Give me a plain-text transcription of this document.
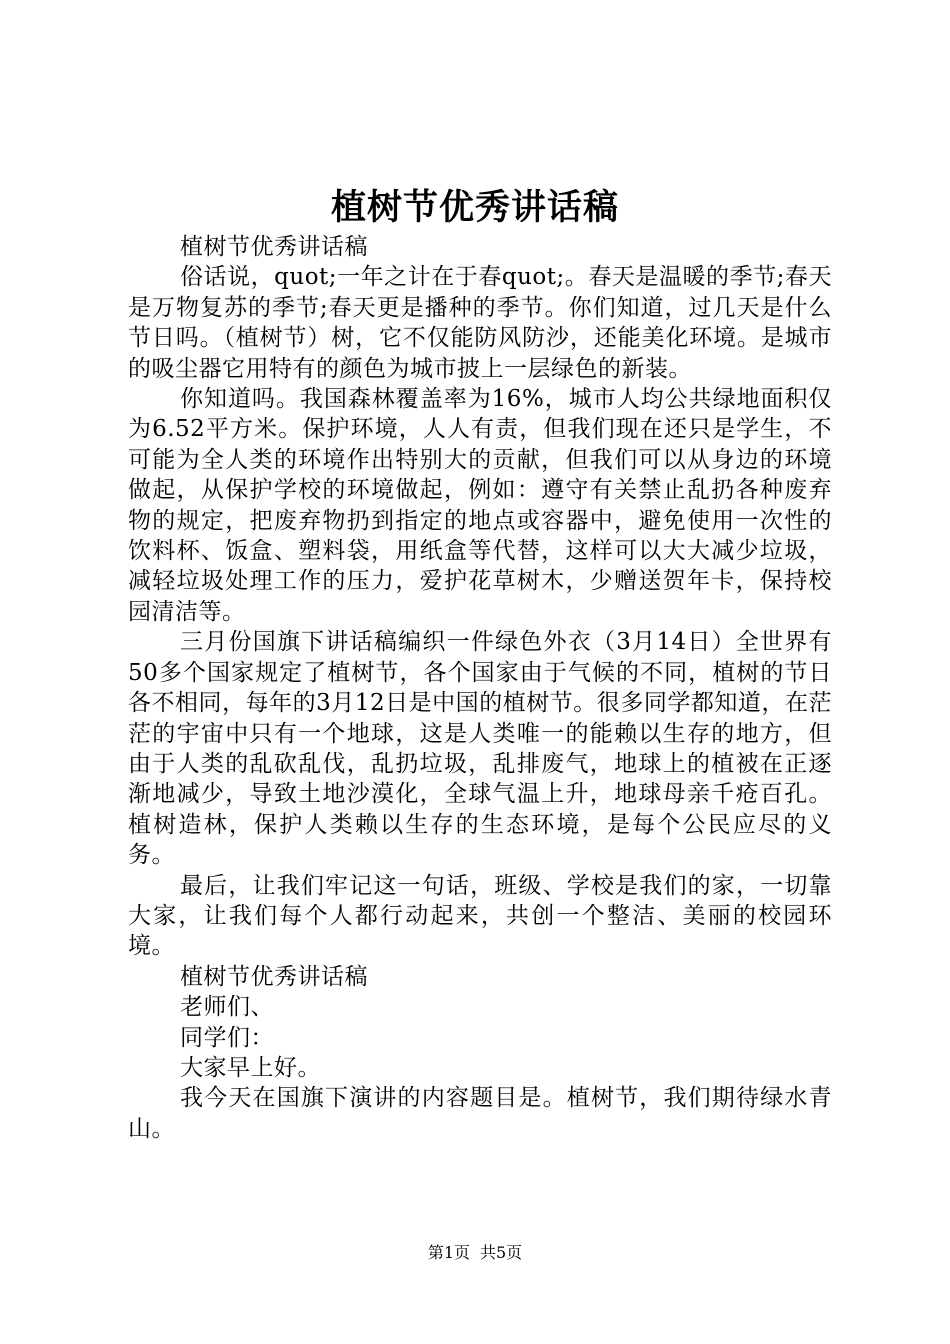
植树节优秀讲话稿

植树节优秀讲话稿

俗话说，quot;一年之计在于春quot;。春天是温暖的季节;春天是万物复苏的季节;春天更是播种的季节。你们知道，过几天是什么节日吗。（植树节）树，它不仅能防风防沙，还能美化环境。是城市的吸尘器它用特有的颜色为城市披上一层绿色的新装。

你知道吗。我国森林覆盖率为16%，城市人均公共绿地面积仅为6.52平方米。保护环境，人人有责，但我们现在还只是学生，不可能为全人类的环境作出特别大的贡献，但我们可以从身边的环境做起，从保护学校的环境做起，例如：遵守有关禁止乱扔各种废弃物的规定，把废弃物扔到指定的地点或容器中，避免使用一次性的饮料杯、饭盒、塑料袋，用纸盒等代替，这样可以大大减少垃圾，减轻垃圾处理工作的压力，爱护花草树木，少赠送贺年卡，保持校园清洁等。

三月份国旗下讲话稿编织一件绿色外衣（3月14日）全世界有50多个国家规定了植树节，各个国家由于气候的不同，植树的节日各不相同，每年的3月12日是中国的植树节。很多同学都知道，在茫茫的宇宙中只有一个地球，这是人类唯一的能赖以生存的地方，但由于人类的乱砍乱伐，乱扔垃圾，乱排废气，地球上的植被在正逐渐地减少，导致土地沙漠化，全球气温上升，地球母亲千疮百孔。植树造林，保护人类赖以生存的生态环境，是每个公民应尽的义务。

最后，让我们牢记这一句话，班级、学校是我们的家，一切靠大家，让我们每个人都行动起来，共创一个整洁、美丽的校园环境。

植树节优秀讲话稿

老师们、

同学们：

大家早上好。

我今天在国旗下演讲的内容题目是。植树节，我们期待绿水青山。

第1页 共5页
